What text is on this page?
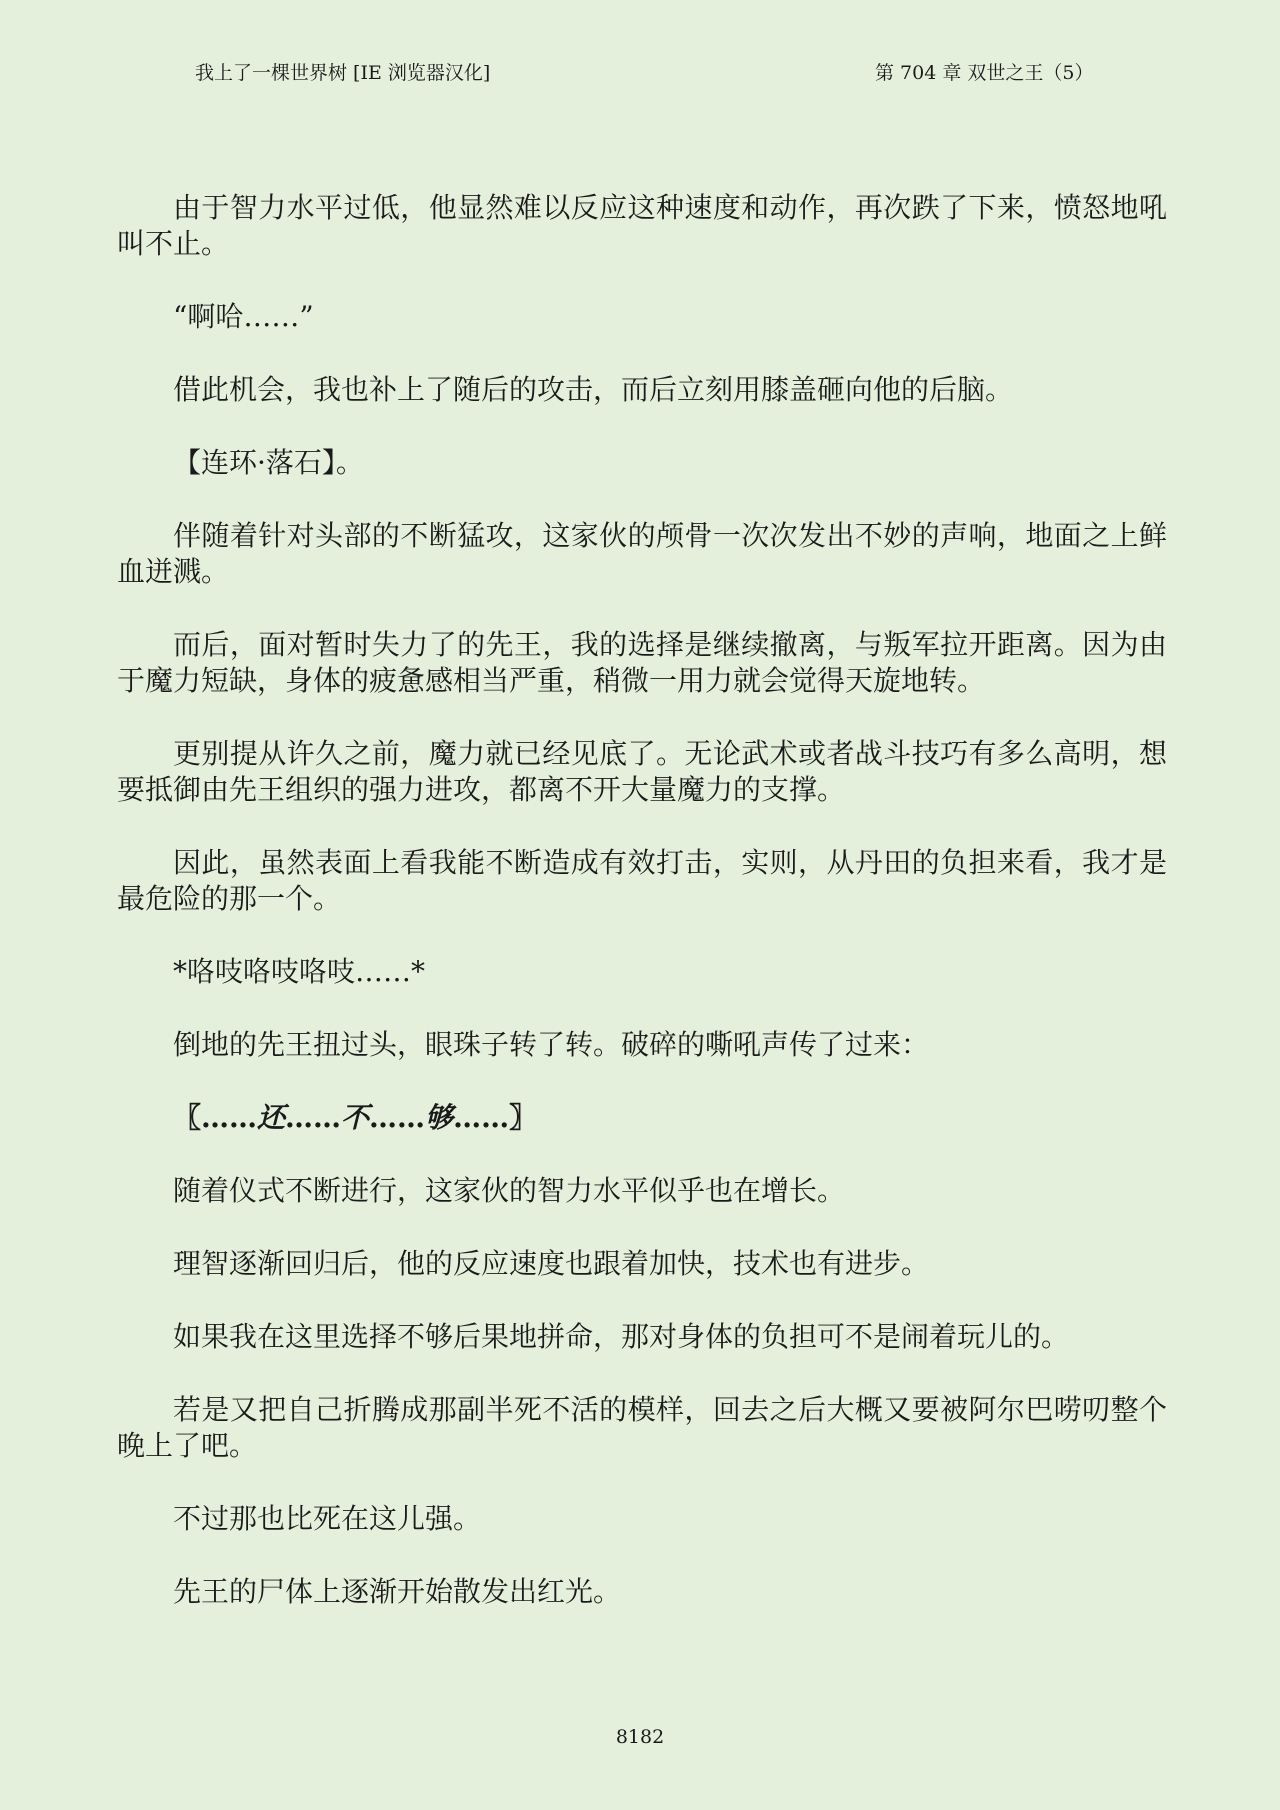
我上了一棵世界树 [IE 浏览器汉化]	第 704 章 双世之王（5）

由于智力水平过低，他显然难以反应这种速度和动作，再次跌了下来，愤怒地吼叫不止。

“啊哈……”

借此机会，我也补上了随后的攻击，而后立刻用膝盖砸向他的后脑。

【连环·落石】。

伴随着针对头部的不断猛攻，这家伙的颅骨一次次发出不妙的声响，地面之上鲜血迸溅。

而后，面对暂时失力了的先王，我的选择是继续撤离，与叛军拉开距离。因为由于魔力短缺，身体的疲惫感相当严重，稍微一用力就会觉得天旋地转。

更别提从许久之前，魔力就已经见底了。无论武术或者战斗技巧有多么高明，想要抵御由先王组织的强力进攻，都离不开大量魔力的支撑。

因此，虽然表面上看我能不断造成有效打击，实则，从丹田的负担来看，我才是最危险的那一个。

*咯吱咯吱咯吱……*

倒地的先王扭过头，眼珠子转了转。破碎的嘶吼声传了过来：

〖……还……不……够……〗

随着仪式不断进行，这家伙的智力水平似乎也在增长。

理智逐渐回归后，他的反应速度也跟着加快，技术也有进步。

如果我在这里选择不够后果地拼命，那对身体的负担可不是闹着玩儿的。

若是又把自己折腾成那副半死不活的模样，回去之后大概又要被阿尔巴唠叨整个晚上了吧。

不过那也比死在这儿强。

先王的尸体上逐渐开始散发出红光。

8182
